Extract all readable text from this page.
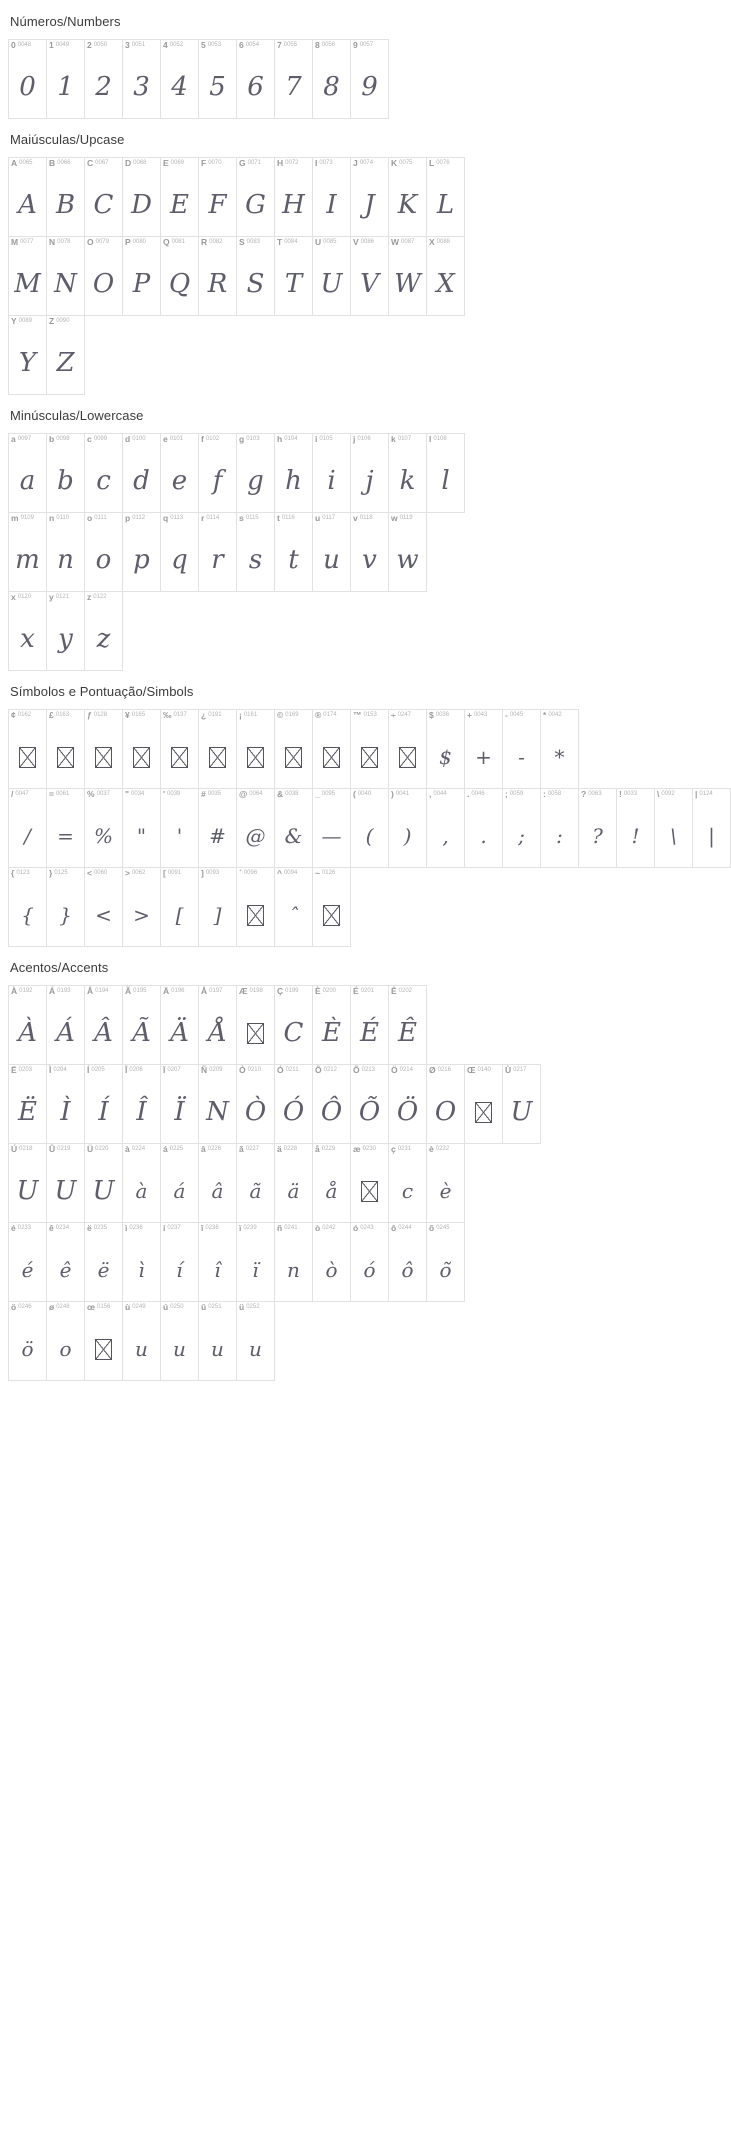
Números/Numbers
0 0048
0
1 0049
1
2 0050
2
3 0051
3
4 0052
4
5 0053
5
6 0054
6
7 0055
7
8 0056
8
9 0057
9
Maiúsculas/Upcase
A 0065
A
B 0066
B
C 0067
C
D 0068
D
E 0069
E
F 0070
F
G 0071
G
H 0072
H
I 0073
I
J 0074
J
K 0075
K
L 0076
L
M 0077
M
N 0078
N
O 0079
O
P 0080
P
Q 0081
Q
R 0082
R
S 0083
S
T 0084
T
U 0085
U
V 0086
V
W 0087
W
X 0088
X
Y 0089
Y
Z 0090
Z
Minúsculas/Lowercase
a 0097
a
b 0098
b
c 0099
c
d 0100
d
e 0101
e
f 0102
f
g 0103
g
h 0104
h
i 0105
i
j 0106
j
k 0107
k
l 0108
l
m 0109
m
n 0110
n
o 0111
o
p 0112
p
q 0113
q
r 0114
r
s 0115
s
t 0116
t
u 0117
u
v 0118
v
w 0119
w
x 0120
x
y 0121
y
z 0122
z
Símbolos e Pontuação/Simbols
¢ 0162 £ 0163 ƒ 0128 ¥ 0165 ‰ 0137 ¿ 0191 ¡ 0161 © 0169 ® 0174 ™ 0153 ÷ 0247 $ 0036
$
+ 0043
+
- 0045
-
* 0042
*
/ 0047
/
= 0061
=
% 0037
%
" 0034
"
' 0039
'
# 0035
#
@ 0064
@
& 0038
&
_ 0095
—
( 0040
(
) 0041
)
, 0044
,
. 0046
.
; 0059
;
: 0058
:
? 0063
?
! 0033
!
\ 0092
\
| 0124
|
{ 0123
{
} 0125
}
< 0060
<
> 0062
>
[ 0091
[
] 0093
]
´ 0096 ^ 0094
ˆ
~ 0126
Acentos/Accents
À 0192
À
Á 0193
Á
Â 0194
Â
Ã 0195
Ã
Ä 0196
Ä
Å 0197
Å
Æ 0198 Ç 0199
C
È 0200
È
É 0201
É
Ê 0202
Ê
Ë 0203
Ë
Ì 0204
Ì
Í 0205
Í
Î 0206
Î
Ï 0207
Ï
Ñ 0209
N
Ò 0210
Ò
Ó 0211
Ó
Ô 0212
Ô
Õ 0213
Õ
Ö 0214
Ö
Ø 0216
O
Œ 0140 Ù 0217
U
Ú 0218
U
Û 0219
U
Ü 0220
U
à 0224
à
á 0225
á
â 0226
â
ã 0227
ã
ä 0228
ä
å 0229
å
æ 0230 ç 0231
c
è 0232
è
é 0233
é
ê 0234
ê
ë 0235
ë
ì 0236
ì
í 0237
í
î 0238
î
ï 0239
ï
ñ 0241
n
ò 0242
ò
ó 0243
ó
ô 0244
ô
õ 0245
õ
ö 0246
ö
ø 0248
o
œ 0156 ù 0249
u
ú 0250
u
û 0251
u
ü 0252
u
